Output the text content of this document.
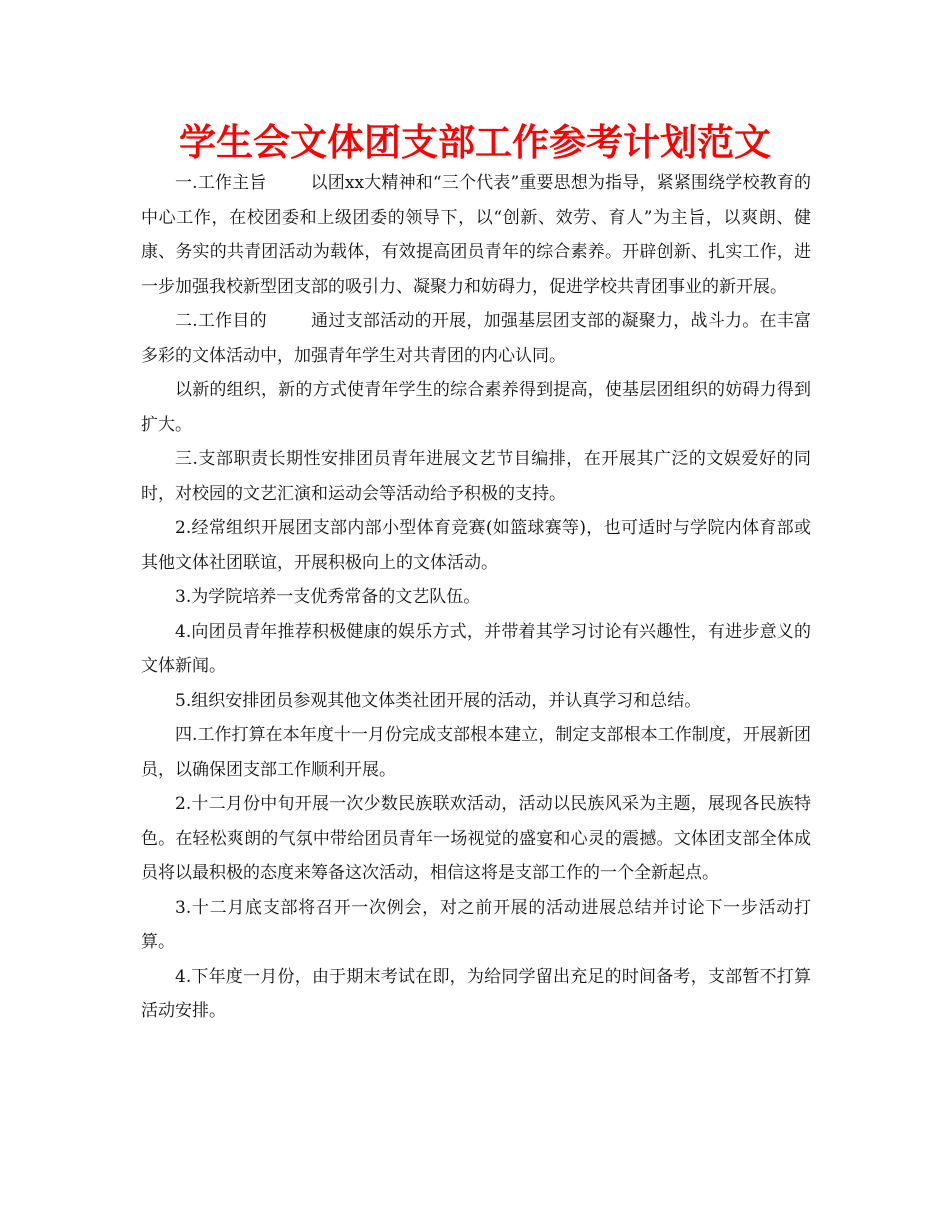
学生会文体团支部工作参考计划范文

一.工作主旨	以团xx大精神和“三个代表”重要思想为指导，紧紧围绕学校教育的中心工作，在校团委和上级团委的领导下，以“创新、效劳、育人”为主旨，以爽朗、健康、务实的共青团活动为载体，有效提高团员青年的综合素养。开辟创新、扎实工作，进一步加强我校新型团支部的吸引力、凝聚力和妨碍力，促进学校共青团事业的新开展。

二.工作目的	通过支部活动的开展，加强基层团支部的凝聚力，战斗力。在丰富多彩的文体活动中，加强青年学生对共青团的内心认同。

以新的组织，新的方式使青年学生的综合素养得到提高，使基层团组织的妨碍力得到扩大。

三.支部职责长期性安排团员青年进展文艺节目编排，在开展其广泛的文娱爱好的同时，对校园的文艺汇演和运动会等活动给予积极的支持。

2.经常组织开展团支部内部小型体育竞赛(如篮球赛等)，也可适时与学院内体育部或其他文体社团联谊，开展积极向上的文体活动。

3.为学院培养一支优秀常备的文艺队伍。

4.向团员青年推荐积极健康的娱乐方式，并带着其学习讨论有兴趣性，有进步意义的文体新闻。

5.组织安排团员参观其他文体类社团开展的活动，并认真学习和总结。

四.工作打算在本年度十一月份完成支部根本建立，制定支部根本工作制度，开展新团员，以确保团支部工作顺利开展。

2.十二月份中旬开展一次少数民族联欢活动，活动以民族风采为主题，展现各民族特色。在轻松爽朗的气氛中带给团员青年一场视觉的盛宴和心灵的震撼。文体团支部全体成员将以最积极的态度来筹备这次活动，相信这将是支部工作的一个全新起点。

3.十二月底支部将召开一次例会，对之前开展的活动进展总结并讨论下一步活动打算。

4.下年度一月份，由于期末考试在即，为给同学留出充足的时间备考，支部暂不打算活动安排。
